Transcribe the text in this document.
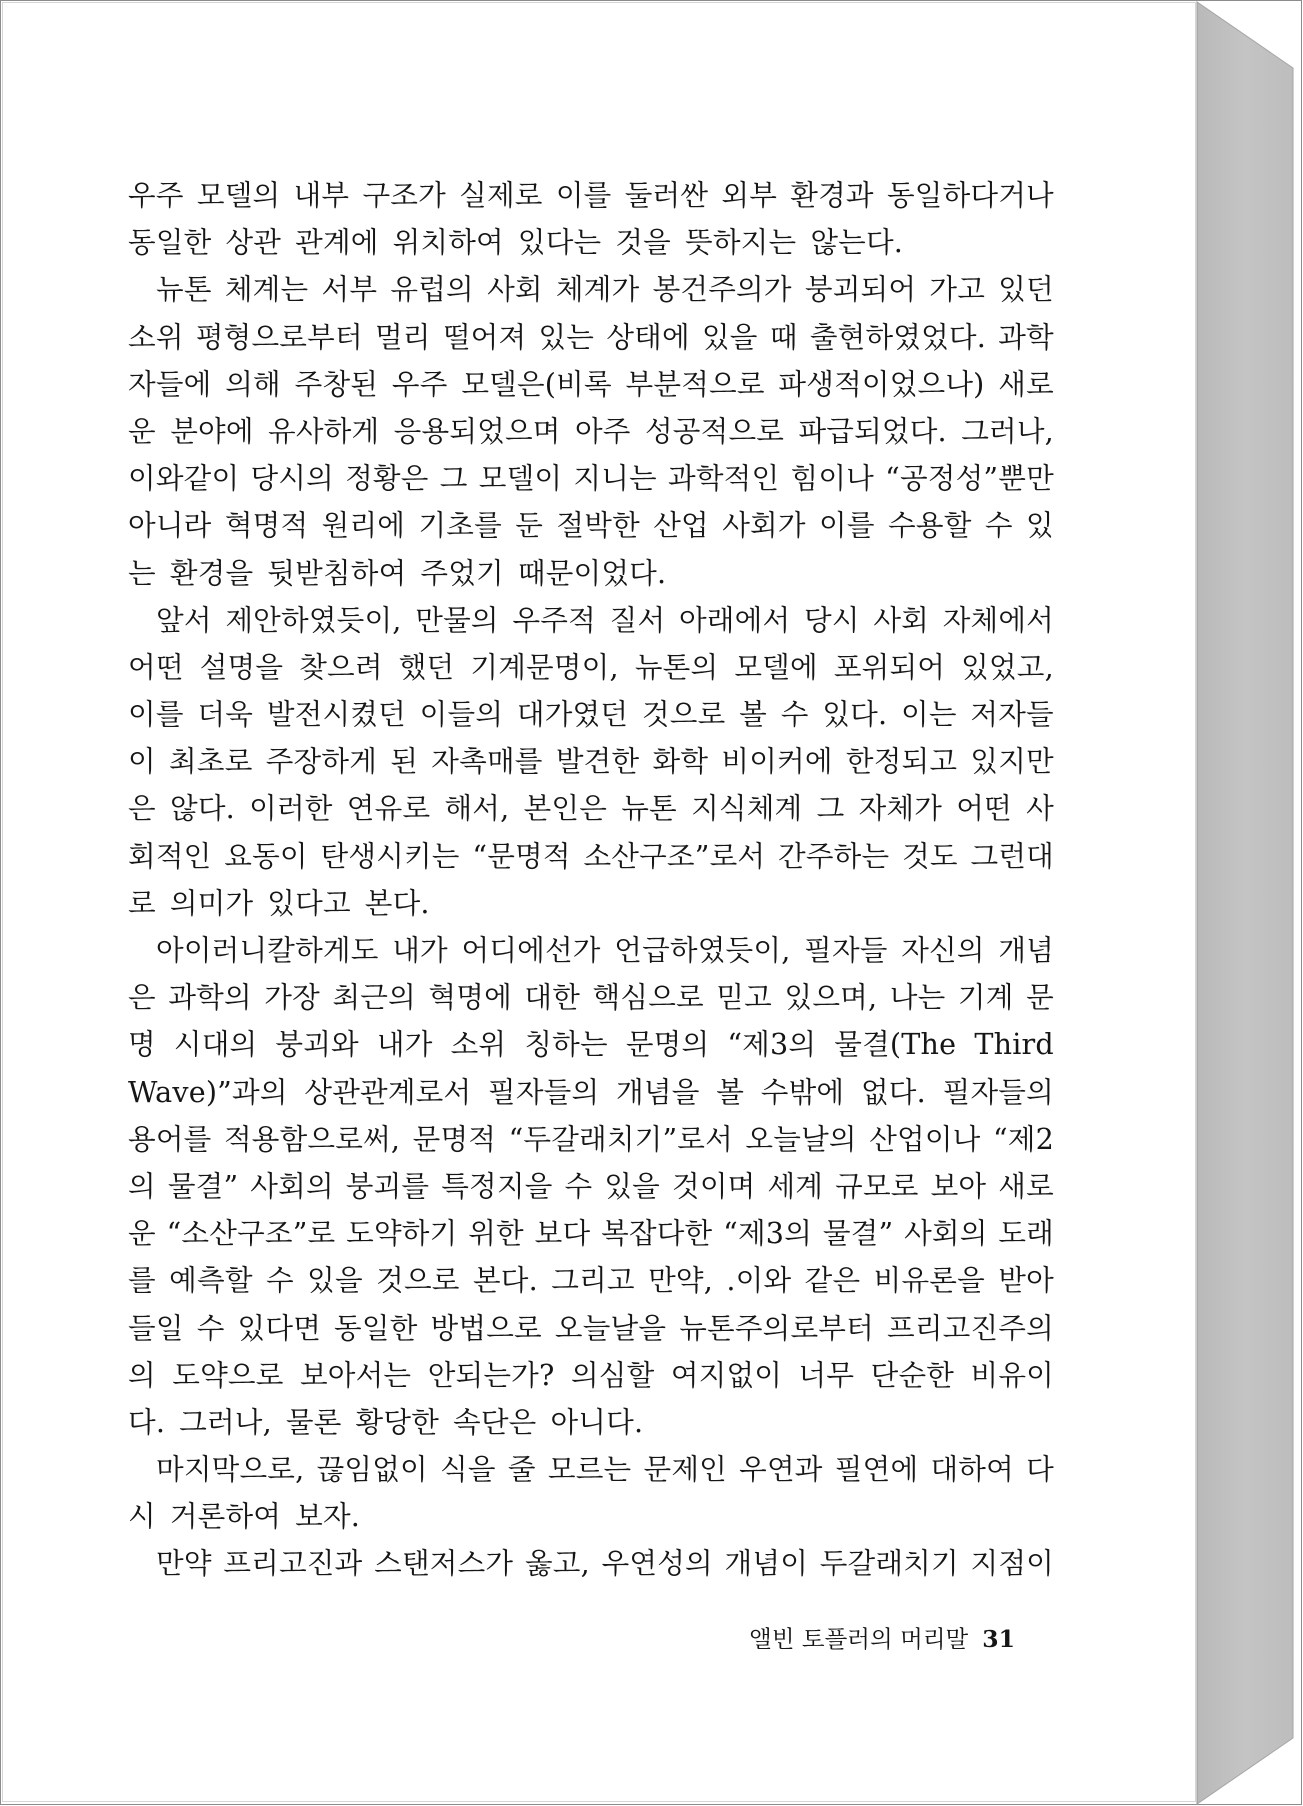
우주 모델의 내부 구조가 실제로 이를 둘러싼 외부 환경과 동일하다거나
동일한 상관 관계에 위치하여 있다는 것을 뜻하지는 않는다.
뉴톤 체계는 서부 유럽의 사회 체계가 봉건주의가 붕괴되어 가고 있던
소위 평형으로부터 멀리 떨어져 있는 상태에 있을 때 출현하였었다. 과학
자들에 의해 주창된 우주 모델은(비록 부분적으로 파생적이었으나) 새로
운 분야에 유사하게 응용되었으며 아주 성공적으로 파급되었다. 그러나,
이와같이 당시의 정황은 그 모델이 지니는 과학적인 힘이나 “공정성”뿐만
아니라 혁명적 원리에 기초를 둔 절박한 산업 사회가 이를 수용할 수 있
는 환경을 뒷받침하여 주었기 때문이었다.
앞서 제안하였듯이, 만물의 우주적 질서 아래에서 당시 사회 자체에서
어떤 설명을 찾으려 했던 기계문명이, 뉴톤의 모델에 포위되어 있었고,
이를 더욱 발전시켰던 이들의 대가였던 것으로 볼 수 있다. 이는 저자들
이 최초로 주장하게 된 자촉매를 발견한 화학 비이커에 한정되고 있지만
은 않다. 이러한 연유로 해서, 본인은 뉴톤 지식체계 그 자체가 어떤 사
회적인 요동이 탄생시키는 “문명적 소산구조”로서 간주하는 것도 그런대
로 의미가 있다고 본다.
아이러니칼하게도 내가 어디에선가 언급하였듯이, 필자들 자신의 개념
은 과학의 가장 최근의 혁명에 대한 핵심으로 믿고 있으며, 나는 기계 문
명 시대의 붕괴와 내가 소위 칭하는 문명의 “제3의 물결(The Third
Wave)”과의 상관관계로서 필자들의 개념을 볼 수밖에 없다. 필자들의
용어를 적용함으로써, 문명적 “두갈래치기”로서 오늘날의 산업이나 “제2
의 물결” 사회의 붕괴를 특정지을 수 있을 것이며 세계 규모로 보아 새로
운 “소산구조”로 도약하기 위한 보다 복잡다한 “제3의 물결” 사회의 도래
를 예측할 수 있을 것으로 본다. 그리고 만약, .이와 같은 비유론을 받아
들일 수 있다면 동일한 방법으로 오늘날을 뉴톤주의로부터 프리고진주의
의 도약으로 보아서는 안되는가? 의심할 여지없이 너무 단순한 비유이
다. 그러나, 물론 황당한 속단은 아니다.
마지막으로, 끊임없이 식을 줄 모르는 문제인 우연과 필연에 대하여 다
시 거론하여 보자.
만약 프리고진과 스탠저스가 옳고, 우연성의 개념이 두갈래치기 지점이
앨빈 토플러의 머리말 31
